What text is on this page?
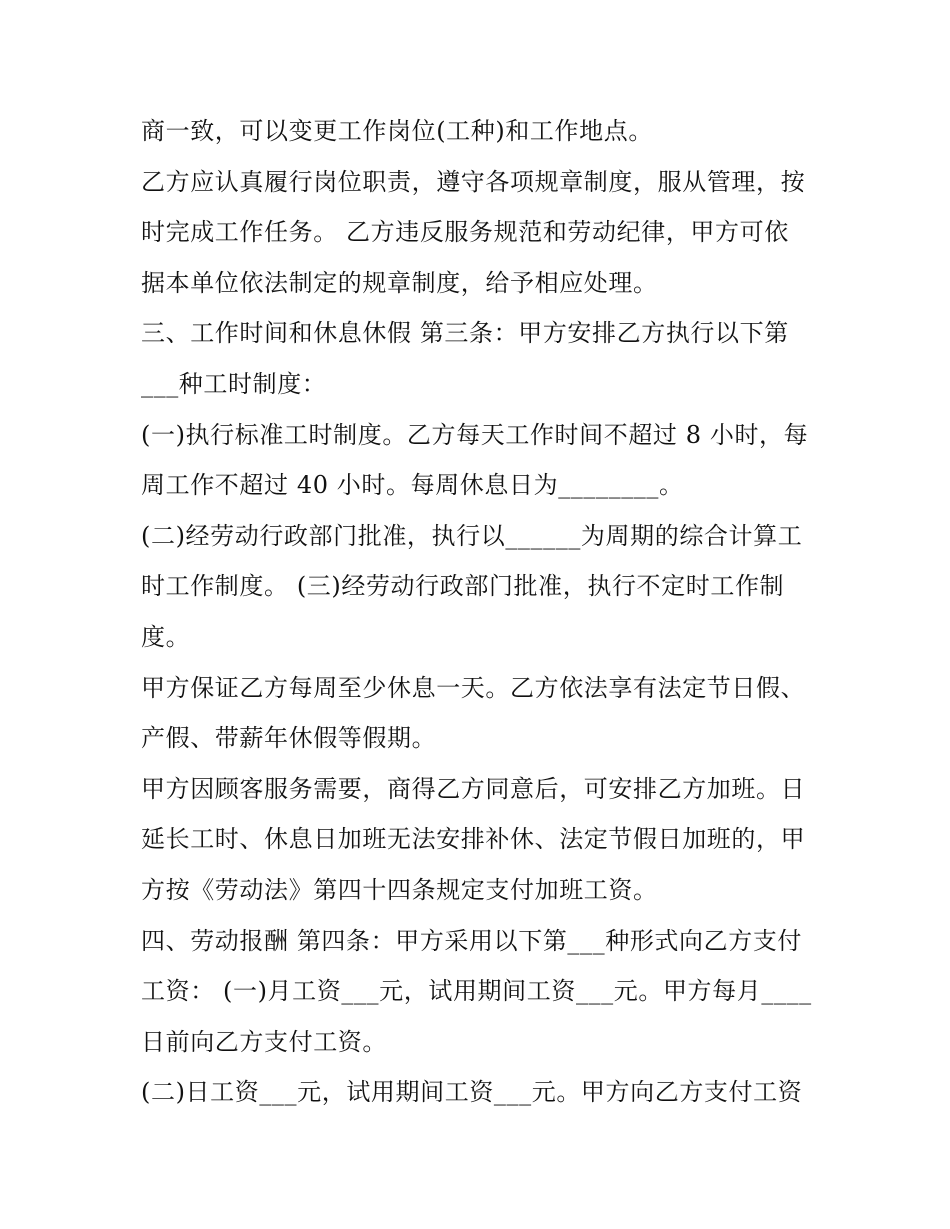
商一致，可以变更工作岗位(工种)和工作地点。
乙方应认真履行岗位职责，遵守各项规章制度，服从管理，按
时完成工作任务。 乙方违反服务规范和劳动纪律，甲方可依
据本单位依法制定的规章制度，给予相应处理。
三、工作时间和休息休假 第三条：甲方安排乙方执行以下第
___种工时制度：
(一)执行标准工时制度。乙方每天工作时间不超过 8 小时，每
周工作不超过 40 小时。每周休息日为________。
(二)经劳动行政部门批准，执行以______为周期的综合计算工
时工作制度。 (三)经劳动行政部门批准，执行不定时工作制
度。
甲方保证乙方每周至少休息一天。乙方依法享有法定节日假、
产假、带薪年休假等假期。
甲方因顾客服务需要，商得乙方同意后，可安排乙方加班。日
延长工时、休息日加班无法安排补休、法定节假日加班的，甲
方按《劳动法》第四十四条规定支付加班工资。
四、劳动报酬 第四条：甲方采用以下第___种形式向乙方支付
工资： (一)月工资___元，试用期间工资___元。甲方每月____
日前向乙方支付工资。
(二)日工资___元，试用期间工资___元。甲方向乙方支付工资
